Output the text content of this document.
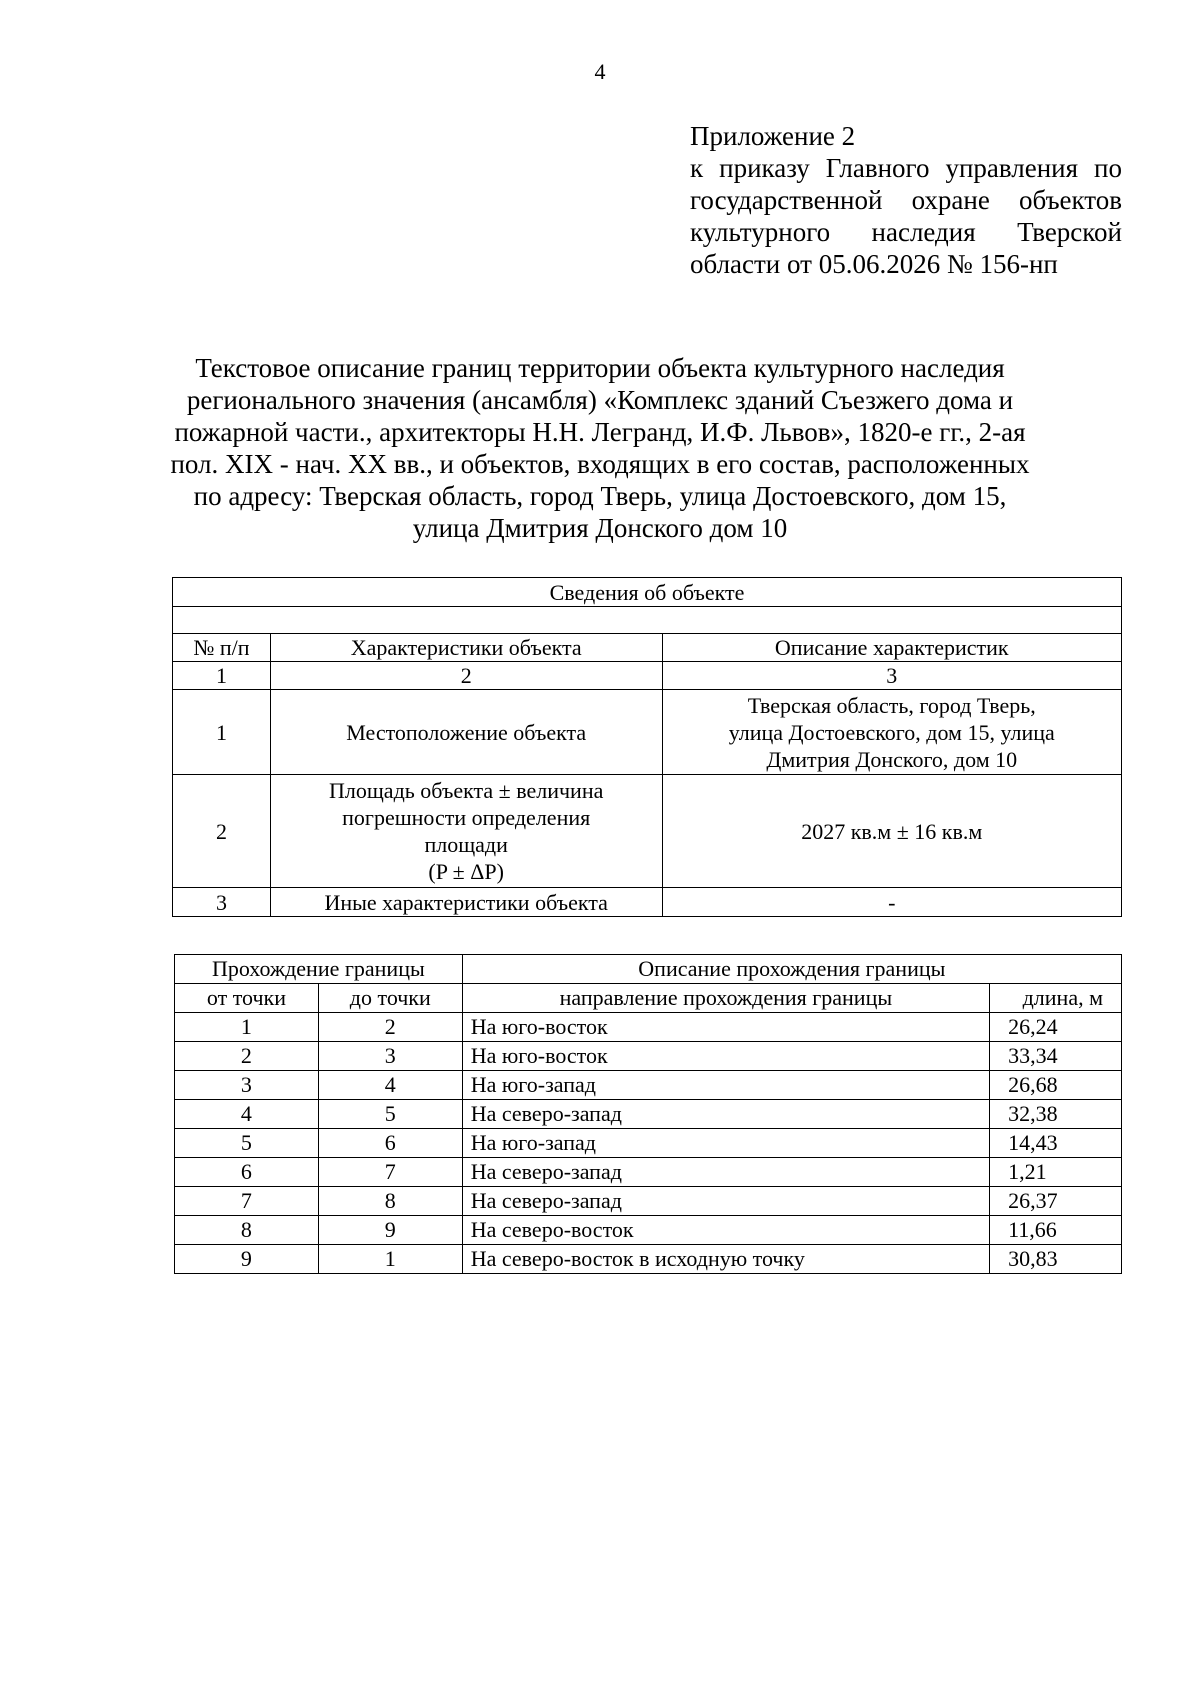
4
Приложение 2
к приказу Главного управления по государственной охране объектов культурного наследия Тверской области от 05.06.2026 № 156-нп
Текстовое описание границ территории объекта культурного наследия
регионального значения (ансамбля) «Комплекс зданий Съезжего дома и
пожарной части., архитекторы Н.Н. Легранд, И.Ф. Львов», 1820-е гг., 2-ая
пол. XIX - нач. XX вв., и объектов, входящих в его состав, расположенных
по адресу: Тверская область, город Тверь, улица Достоевского, дом 15,
улица Дмитрия Донского дом 10
Сведения об объекте		

№ п/п	Характеристики объекта	Описание характеристик
1	2	3
1	Местоположение объекта	Тверская область, город Тверь,
улица Достоевского, дом 15, улица
Дмитрия Донского, дом 10

2	Площадь объекта ± величина
погрешности определения
площади
(P ± ΔP)	2027 кв.м ± 16 кв.м
3	Иные характеристики объекта	-
Прохождение границы		Описание прохождения границы	
от точки	до точки	направление прохождения границы	длина, м
1	2	На юго-восток	26,24
2	3	На юго-восток	33,34
3	4	На юго-запад	26,68
4	5	На северо-запад	32,38
5	6	На юго-запад	14,43
6	7	На северо-запад	1,21
7	8	На северо-запад	26,37
8	9	На северо-восток	11,66
9	1	На северо-восток в исходную точку	30,83
